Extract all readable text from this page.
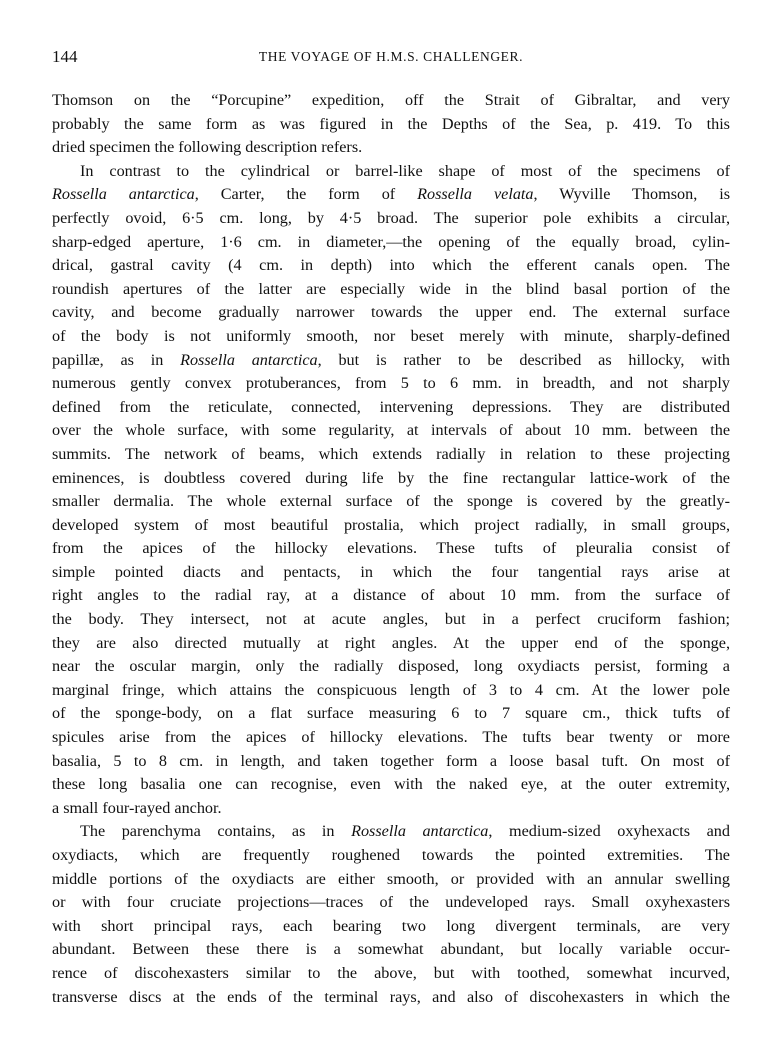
144	THE VOYAGE OF H.M.S. CHALLENGER.
Thomson on the “Porcupine” expedition, off the Strait of Gibraltar, and very
probably the same form as was figured in the Depths of the Sea, p. 419. To this
dried specimen the following description refers.
In contrast to the cylindrical or barrel-like shape of most of the specimens of
Rossella antarctica, Carter, the form of Rossella velata, Wyville Thomson, is
perfectly ovoid, 6·5 cm. long, by 4·5 broad. The superior pole exhibits a circular,
sharp-edged aperture, 1·6 cm. in diameter,—the opening of the equally broad, cylin-
drical, gastral cavity (4 cm. in depth) into which the efferent canals open. The
roundish apertures of the latter are especially wide in the blind basal portion of the
cavity, and become gradually narrower towards the upper end. The external surface
of the body is not uniformly smooth, nor beset merely with minute, sharply-defined
papillæ, as in Rossella antarctica, but is rather to be described as hillocky, with
numerous gently convex protuberances, from 5 to 6 mm. in breadth, and not sharply
defined from the reticulate, connected, intervening depressions. They are distributed
over the whole surface, with some regularity, at intervals of about 10 mm. between the
summits. The network of beams, which extends radially in relation to these projecting
eminences, is doubtless covered during life by the fine rectangular lattice-work of the
smaller dermalia. The whole external surface of the sponge is covered by the greatly-
developed system of most beautiful prostalia, which project radially, in small groups,
from the apices of the hillocky elevations. These tufts of pleuralia consist of
simple pointed diacts and pentacts, in which the four tangential rays arise at
right angles to the radial ray, at a distance of about 10 mm. from the surface of
the body. They intersect, not at acute angles, but in a perfect cruciform fashion;
they are also directed mutually at right angles. At the upper end of the sponge,
near the oscular margin, only the radially disposed, long oxydiacts persist, forming a
marginal fringe, which attains the conspicuous length of 3 to 4 cm. At the lower pole
of the sponge-body, on a flat surface measuring 6 to 7 square cm., thick tufts of
spicules arise from the apices of hillocky elevations. The tufts bear twenty or more
basalia, 5 to 8 cm. in length, and taken together form a loose basal tuft. On most of
these long basalia one can recognise, even with the naked eye, at the outer extremity,
a small four-rayed anchor.
The parenchyma contains, as in Rossella antarctica, medium-sized oxyhexacts and
oxydiacts, which are frequently roughened towards the pointed extremities. The
middle portions of the oxydiacts are either smooth, or provided with an annular swelling
or with four cruciate projections—traces of the undeveloped rays. Small oxyhexasters
with short principal rays, each bearing two long divergent terminals, are very
abundant. Between these there is a somewhat abundant, but locally variable occur-
rence of discohexasters similar to the above, but with toothed, somewhat incurved,
transverse discs at the ends of the terminal rays, and also of discohexasters in which the
